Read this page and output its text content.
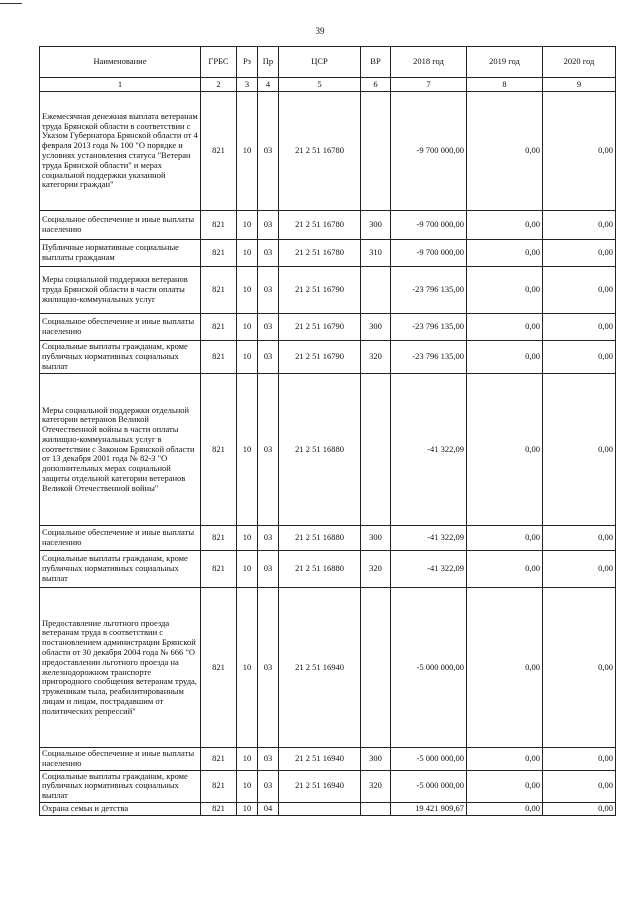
39
Наименование	ГРБС	Рз	Пр	ЦСР	ВР	2018 год	2019 год	2020 год
1	2	3	4	5	6	7	8	9
Ежемесячная денежная выплата ветеранам труда Брянской области в соответствии с Указом Губернатора Брянской области от 4 февраля 2013 года № 100 "О порядке и условиях установления статуса "Ветеран труда Брянской области" и мерах социальной поддержки указанной категории граждан"	821	10	03	21 2 51 16780		-9 700 000,00	0,00	0,00
Социальное обеспечение и иные выплаты населению	821	10	03	21 2 51 16780	300	-9 700 000,00	0,00	0,00
Публичные нормативные социальные выплаты гражданам	821	10	03	21 2 51 16780	310	-9 700 000,00	0,00	0,00
Меры социальной поддержки ветеранов труда Брянской области в части оплаты жилищно-коммунальных услуг	821	10	03	21 2 51 16790		-23 796 135,00	0,00	0,00
Социальное обеспечение и иные выплаты населению	821	10	03	21 2 51 16790	300	-23 796 135,00	0,00	0,00
Социальные выплаты гражданам, кроме публичных нормативных социальных выплат	821	10	03	21 2 51 16790	320	-23 796 135,00	0,00	0,00
Меры социальной поддержки отдельной категории ветеранов Великой Отечественной войны в части оплаты жилищно-коммунальных услуг в соответствии с Законом Брянской области от 13 декабря 2001 года № 82-З "О дополнительных мерах социальной защиты отдельной категории ветеранов Великой Отечественной войны"	821	10	03	21 2 51 16880		-41 322,09	0,00	0,00
Социальное обеспечение и иные выплаты населению	821	10	03	21 2 51 16880	300	-41 322,09	0,00	0,00
Социальные выплаты гражданам, кроме публичных нормативных социальных выплат	821	10	03	21 2 51 16880	320	-41 322,09	0,00	0,00
Предоставление льготного проезда ветеранам труда в соответствии с постановлением администрации Брянской области от 30 декабря 2004 года № 666 "О предоставлении льготного проезда на железнодорожном транспорте пригородного сообщения ветеранам труда, труженикам тыла, реабилитированным лицам и лицам, пострадавшим от политических репрессий"	821	10	03	21 2 51 16940		-5 000 000,00	0,00	0,00
Социальное обеспечение и иные выплаты населению	821	10	03	21 2 51 16940	300	-5 000 000,00	0,00	0,00
Социальные выплаты гражданам, кроме публичных нормативных социальных выплат	821	10	03	21 2 51 16940	320	-5 000 000,00	0,00	0,00
Охрана семьи и детства	821	10	04			19 421 909,67	0,00	0,00
